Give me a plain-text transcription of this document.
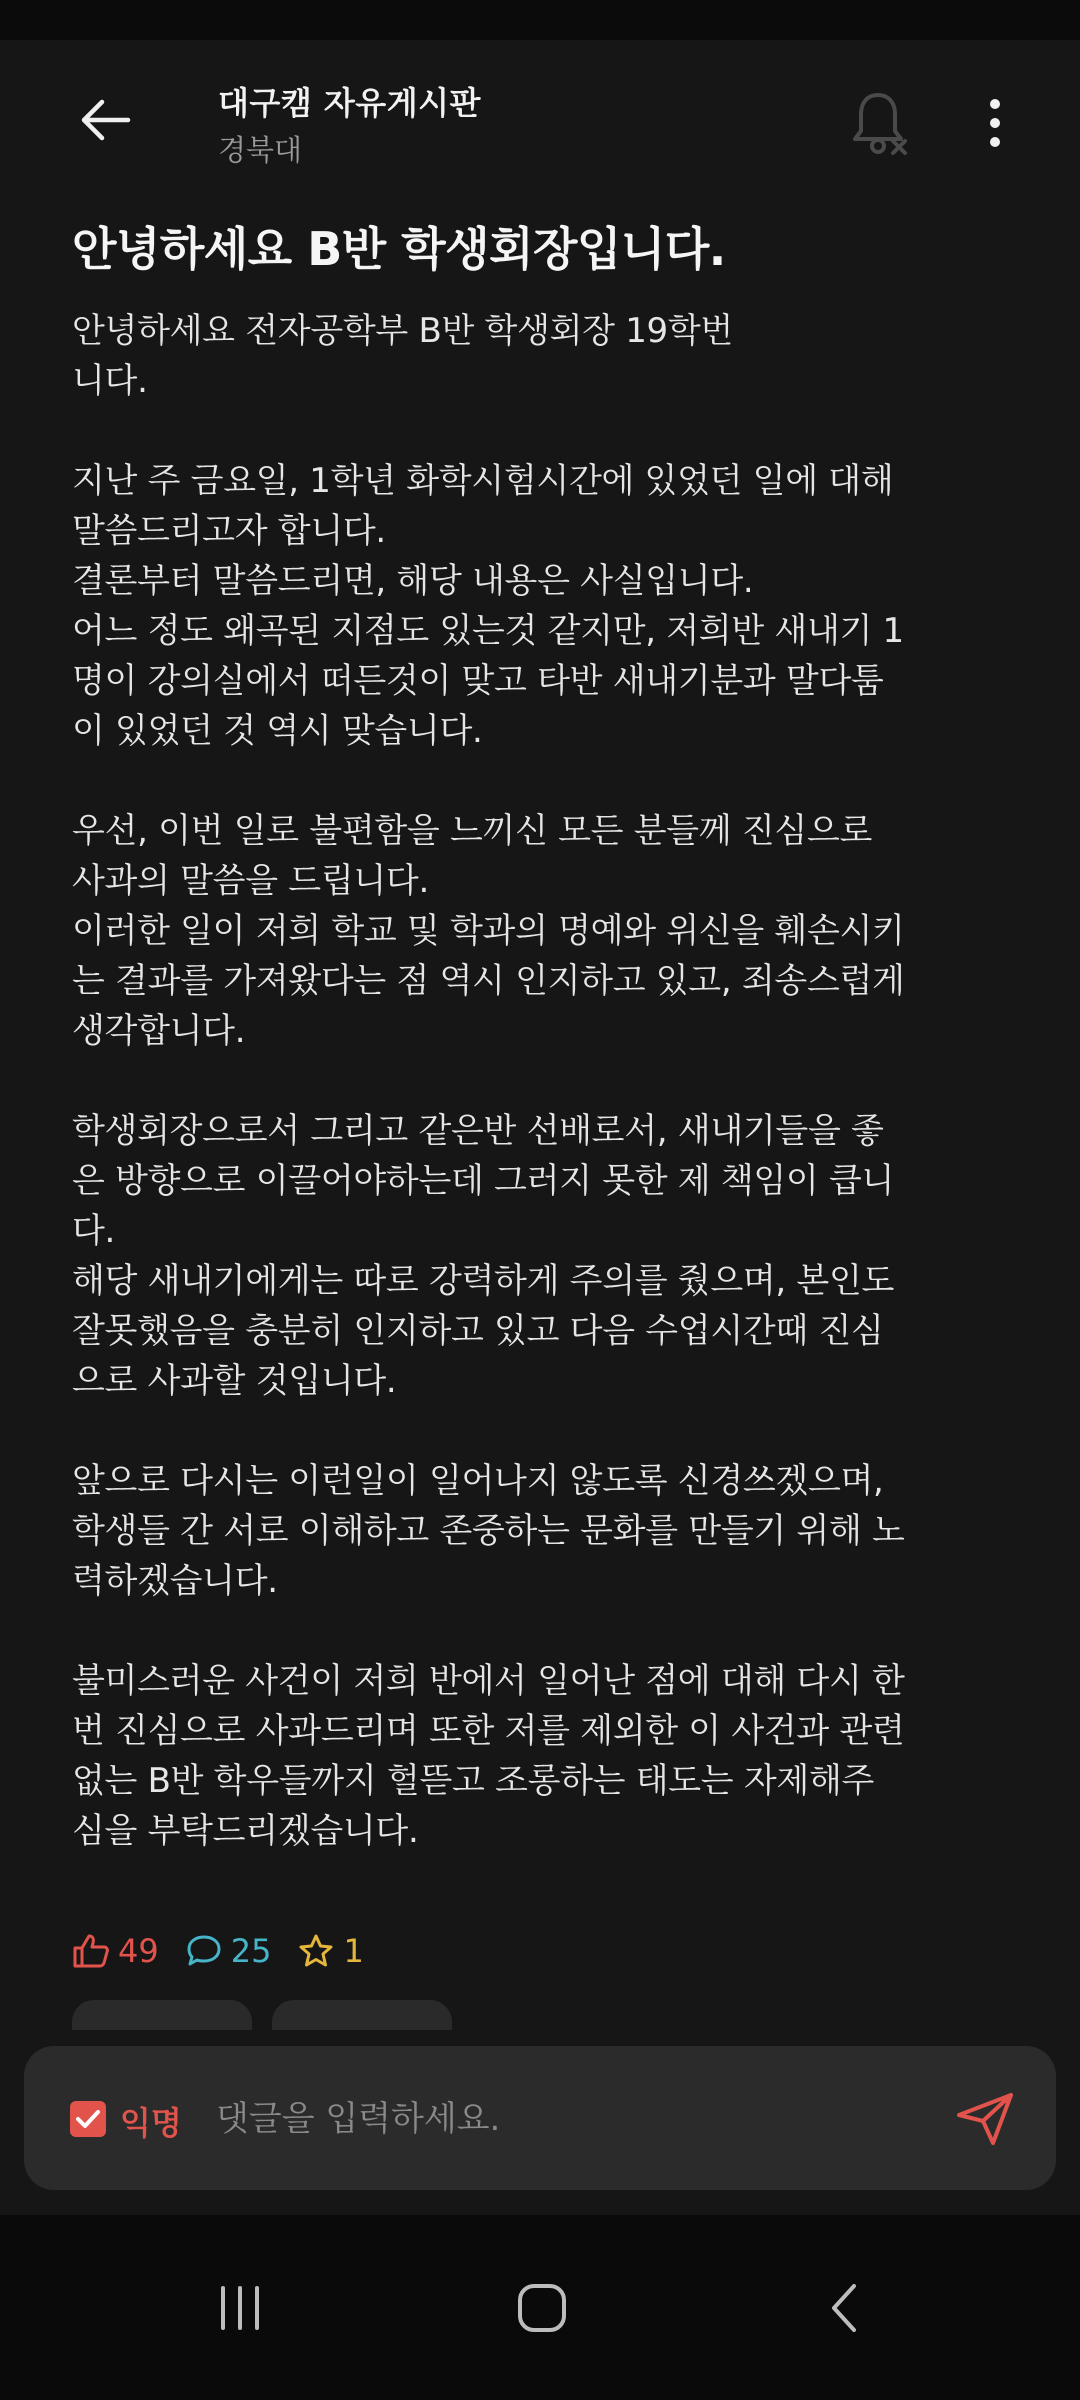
대구캠 자유게시판
경북대
안녕하세요 B반 학생회장입니다.
안녕하세요 전자공학부 B반 학생회장 19학번
니다.

지난 주 금요일, 1학년 화학시험시간에 있었던 일에 대해
말씀드리고자 합니다.
결론부터 말씀드리면, 해당 내용은 사실입니다.
어느 정도 왜곡된 지점도 있는것 같지만, 저희반 새내기 1
명이 강의실에서 떠든것이 맞고 타반 새내기분과 말다툼
이 있었던 것 역시 맞습니다.

우선, 이번 일로 불편함을 느끼신 모든 분들께 진심으로
사과의 말씀을 드립니다.
이러한 일이 저희 학교 및 학과의 명예와 위신을 훼손시키
는 결과를 가져왔다는 점 역시 인지하고 있고, 죄송스럽게
생각합니다.

학생회장으로서 그리고 같은반 선배로서, 새내기들을 좋
은 방향으로 이끌어야하는데 그러지 못한 제 책임이 큽니
다.
해당 새내기에게는 따로 강력하게 주의를 줬으며, 본인도
잘못했음을 충분히 인지하고 있고 다음 수업시간때 진심
으로 사과할 것입니다.

앞으로 다시는 이런일이 일어나지 않도록 신경쓰겠으며,
학생들 간 서로 이해하고 존중하는 문화를 만들기 위해 노
력하겠습니다.

불미스러운 사건이 저희 반에서 일어난 점에 대해 다시 한
번 진심으로 사과드리며 또한 저를 제외한 이 사건과 관련
없는 B반 학우들까지 헐뜯고 조롱하는 태도는 자제해주
심을 부탁드리겠습니다.
49 25 1
익명
댓글을 입력하세요.
